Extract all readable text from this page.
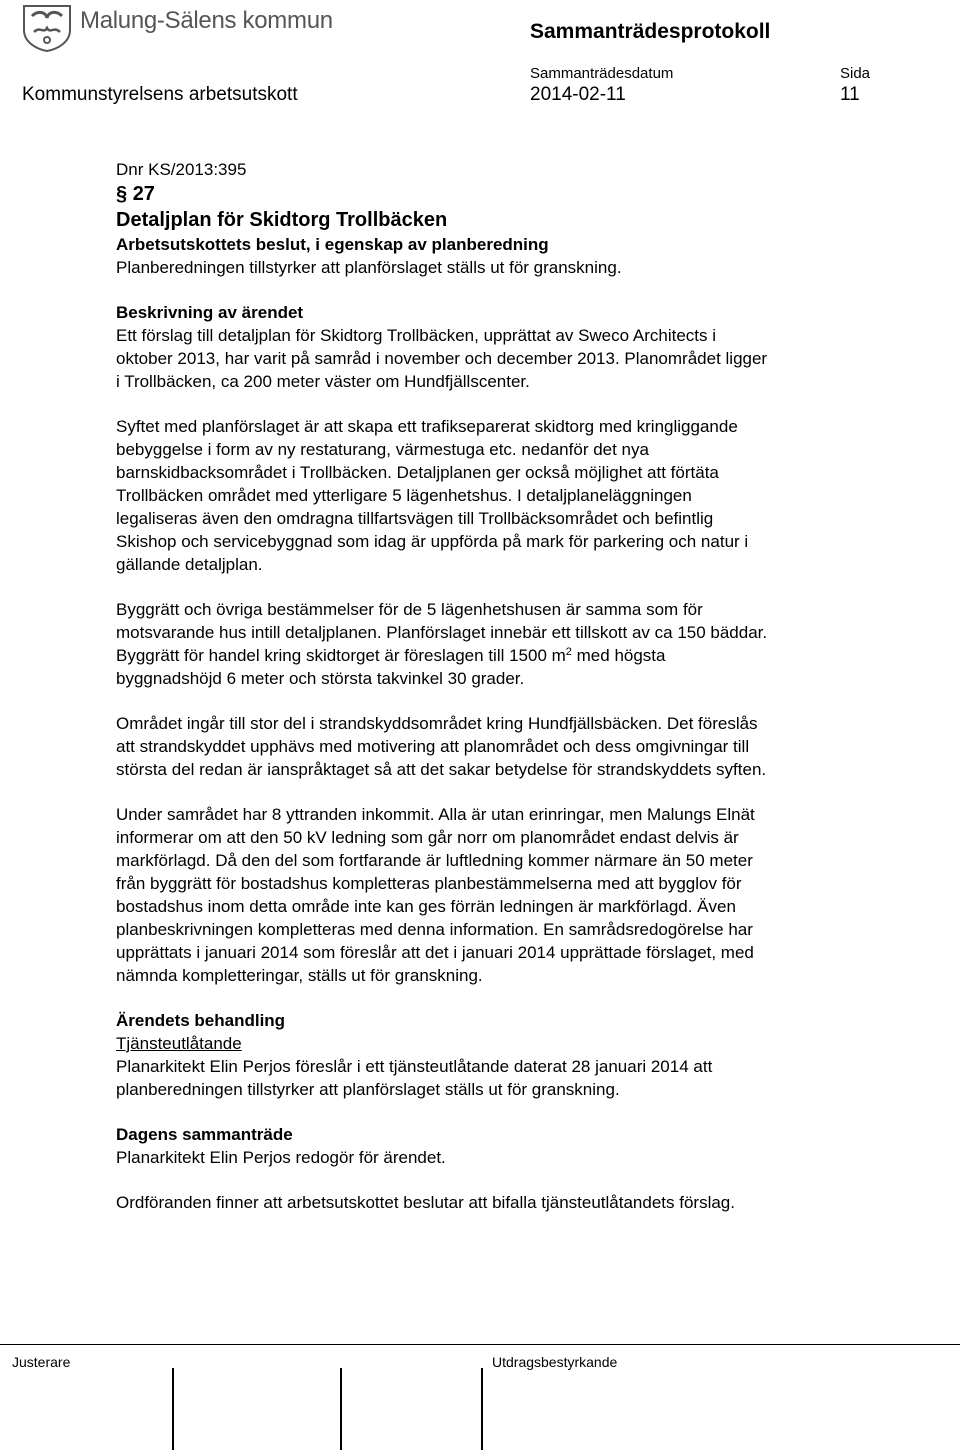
Malung-Sälens kommun	Sammanträdesprotokoll
Sammanträdesdatum	Sida
Kommunstyrelsens arbetsutskott	2014-02-11	11

Dnr KS/2013:395

§ 27

Detaljplan för Skidtorg Trollbäcken

Arbetsutskottets beslut, i egenskap av planberedning

Planberedningen tillstyrker att planförslaget ställs ut för granskning.

Beskrivning av ärendet

Ett förslag till detaljplan för Skidtorg Trollbäcken, upprättat av Sweco Architects i

oktober 2013, har varit på samråd i november och december 2013. Planområdet ligger

i Trollbäcken, ca 200 meter väster om Hundfjällscenter.

Syftet med planförslaget är att skapa ett trafikseparerat skidtorg med kringliggande

bebyggelse i form av ny restaturang, värmestuga etc. nedanför det nya

barnskidbacksområdet i Trollbäcken. Detaljplanen ger också möjlighet att förtäta

Trollbäcken området med ytterligare 5 lägenhetshus. I detaljplaneläggningen

legaliseras även den omdragna tillfartsvägen till Trollbäcksområdet och befintlig

Skishop och servicebyggnad som idag är uppförda på mark för parkering och natur i

gällande detaljplan.

Byggrätt och övriga bestämmelser för de 5 lägenhetshusen är samma som för

motsvarande hus intill detaljplanen. Planförslaget innebär ett tillskott av ca 150 bäddar.

Byggrätt för handel kring skidtorget är föreslagen till 1500 $m^2$ med högsta

byggnadshöjd 6 meter och största takvinkel 30 grader.

Området ingår till stor del i strandskyddsområdet kring Hundfjällsbäcken. Det föreslås

att strandskyddet upphävs med motivering att planområdet och dess omgivningar till

största del redan är ianspråktaget så att det sakar betydelse för strandskyddets syften.

Under samrådet har 8 yttranden inkommit. Alla är utan erinringar, men Malungs Elnät

informerar om att den 50 kV ledning som går norr om planområdet endast delvis är

markförlagd. Då den del som fortfarande är luftledning kommer närmare än 50 meter

från byggrätt för bostadshus kompletteras planbestämmelserna med att bygglov för

bostadshus inom detta område inte kan ges förrän ledningen är markförlagd. Även

planbeskrivningen kompletteras med denna information. En samrådsredogörelse har

upprättats i januari 2014 som föreslår att det i januari 2014 upprättade förslaget, med

nämnda kompletteringar, ställs ut för granskning.

Ärendets behandling

Tjänsteutlåtande

Planarkitekt Elin Perjos föreslår i ett tjänsteutlåtande daterat 28 januari 2014 att

planberedningen tillstyrker att planförslaget ställs ut för granskning.

Dagens sammanträde

Planarkitekt Elin Perjos redogör för ärendet.

Ordföranden finner att arbetsutskottet beslutar att bifalla tjänsteutlåtandets förslag.

Justerare	Utdragsbestyrkande
